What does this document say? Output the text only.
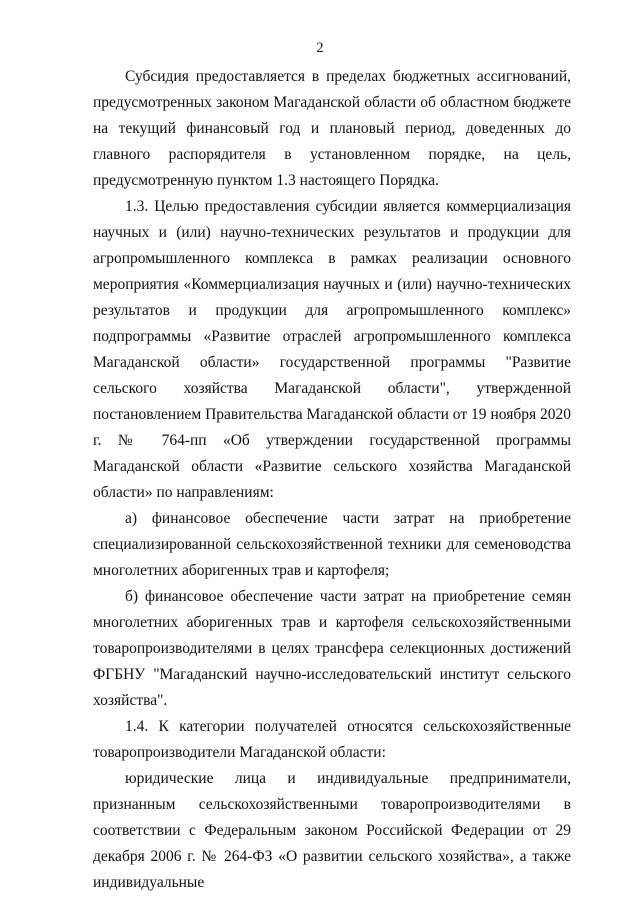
2

Субсидия предоставляется в пределах бюджетных ассигнований, предусмотренных законом Магаданской области об областном бюджете на текущий финансовый год и плановый период, доведенных до главного распорядителя в установленном порядке, на цель, предусмотренную пунктом 1.3 настоящего Порядка.

1.3. Целью предоставления субсидии является коммерциализация научных и (или) научно-технических результатов и продукции для агропромышленного комплекса в рамках реализации основного мероприятия «Коммерциализация научных и (или) научно-технических результатов и продукции для агропромышленного комплекс» подпрограммы «Развитие отраслей агропромышленного комплекса Магаданской области» государственной программы "Развитие сельского хозяйства Магаданской области", утвержденной постановлением Правительства Магаданской области от 19 ноября 2020 г. № 764-пп «Об утверждении государственной программы Магаданской области «Развитие сельского хозяйства Магаданской области» по направлениям:

а) финансовое обеспечение части затрат на приобретение специализированной сельскохозяйственной техники для семеноводства многолетних аборигенных трав и картофеля;

б) финансовое обеспечение части затрат на приобретение семян многолетних аборигенных трав и картофеля сельскохозяйственными товаропроизводителями в целях трансфера селекционных достижений ФГБНУ "Магаданский научно-исследовательский институт сельского хозяйства".

1.4. К категории получателей относятся сельскохозяйственные товаропроизводители Магаданской области:

юридические лица и индивидуальные предприниматели, признанным сельскохозяйственными товаропроизводителями в соответствии с Федеральным законом Российской Федерации от 29 декабря 2006 г. № 264-ФЗ «О развитии сельского хозяйства», а также индивидуальные
